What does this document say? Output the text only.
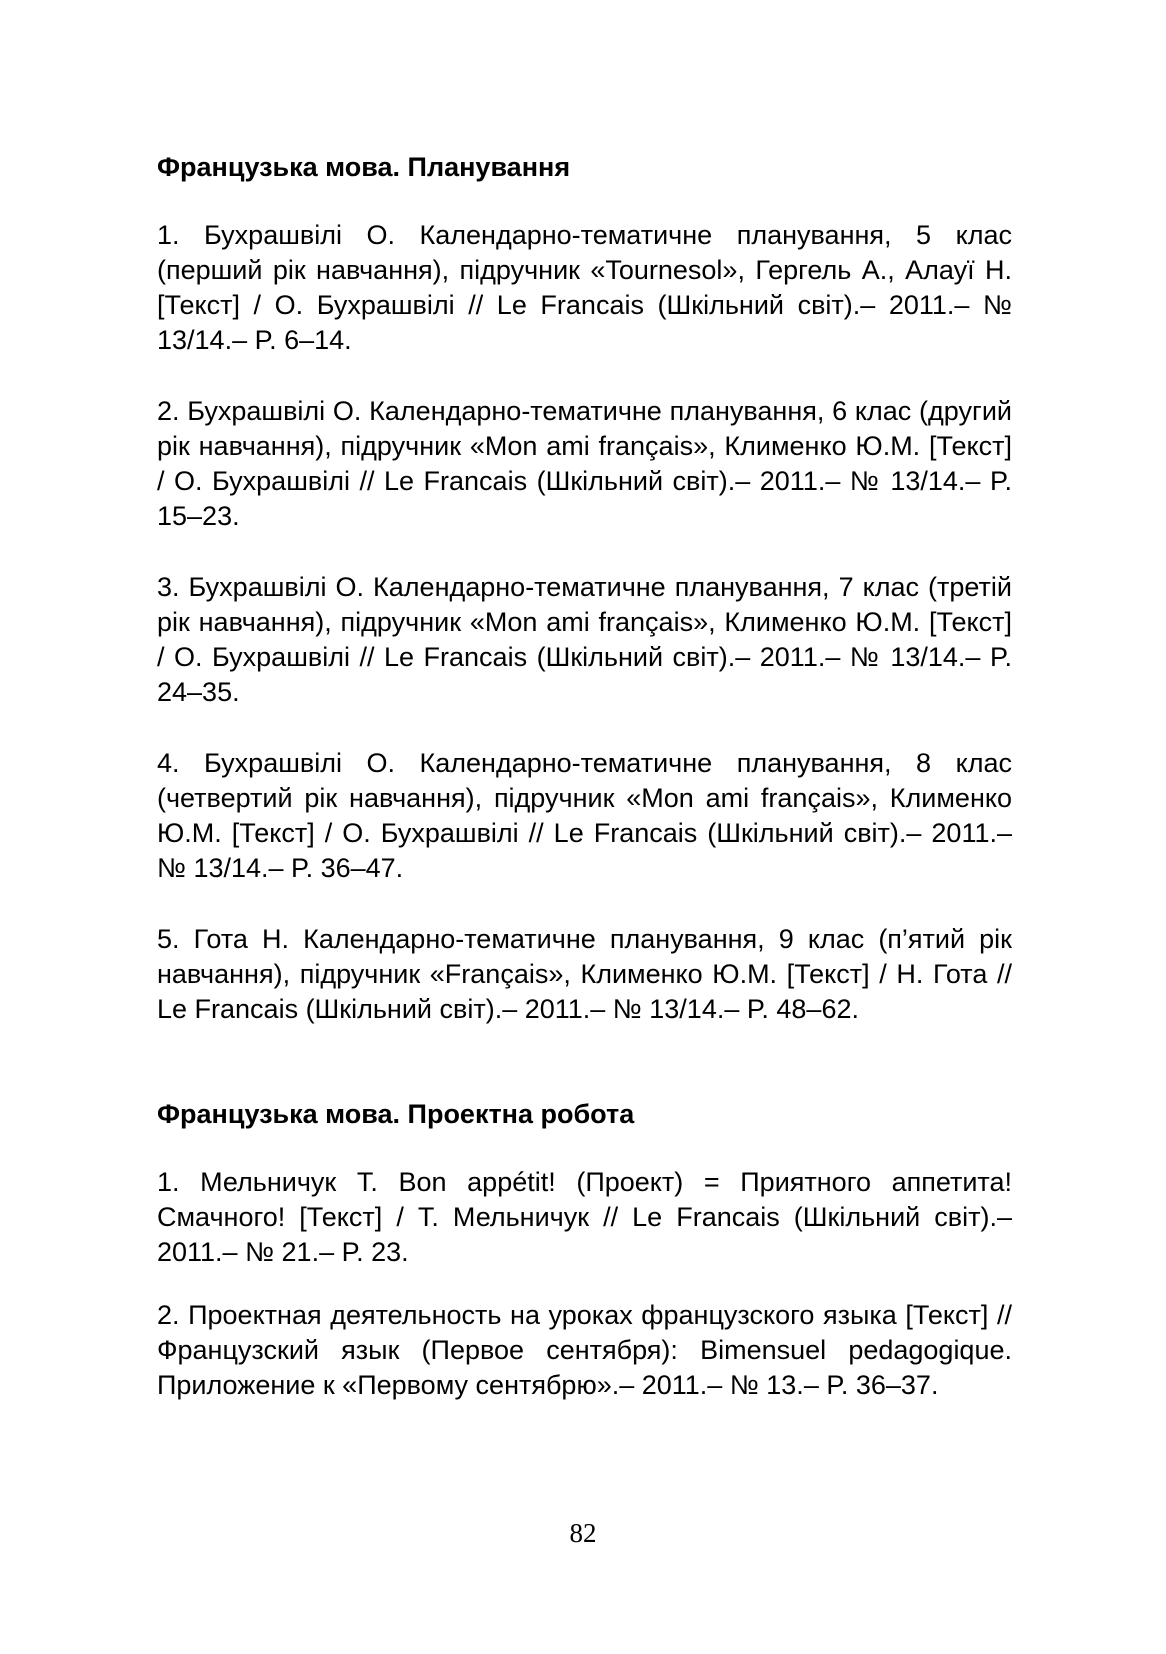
Французька мова. Планування

1. Бухрашвілі О. Календарно-тематичне планування, 5 клас (перший рік навчання), підручник «Tournesol», Гергель А., Алауї Н. [Текст] / О. Бухрашвілі // Le Francais (Шкільний світ).– 2011.– № 13/14.– P. 6–14.

2. Бухрашвілі О. Календарно-тематичне планування, 6 клас (другий рік навчання), підручник «Mon ami français», Клименко Ю.М. [Текст] / О. Бухрашвілі // Le Francais (Шкільний світ).– 2011.– № 13/14.– P. 15–23.

3. Бухрашвілі О. Календарно-тематичне планування, 7 клас (третій рік навчання), підручник «Mon ami français», Клименко Ю.М. [Текст] / О. Бухрашвілі // Le Francais (Шкільний світ).– 2011.– № 13/14.– P. 24–35.

4. Бухрашвілі О. Календарно-тематичне планування, 8 клас (четвертий рік навчання), підручник «Mon ami français», Клименко Ю.М. [Текст] / О. Бухрашвілі // Le Francais (Шкільний світ).– 2011.– № 13/14.– P. 36–47.

5. Гота Н. Календарно-тематичне планування, 9 клас (п’ятий рік навчання), підручник «Français», Клименко Ю.М. [Текст] / Н. Гота // Le Francais (Шкільний світ).– 2011.– № 13/14.– P. 48–62.

Французька мова. Проектна робота

1. Мельничук Т. Bon appétit! (Проект) = Приятного аппетита! Смачного! [Текст] / Т. Мельничук // Le Francais (Шкільний світ).– 2011.– № 21.– P. 23.

2. Проектная деятельность на уроках французского языка [Текст] // Французский язык (Первое сентября): Bimensuel pedagogique. Приложение к «Первому сентябрю».– 2011.– № 13.– P. 36–37.

82
